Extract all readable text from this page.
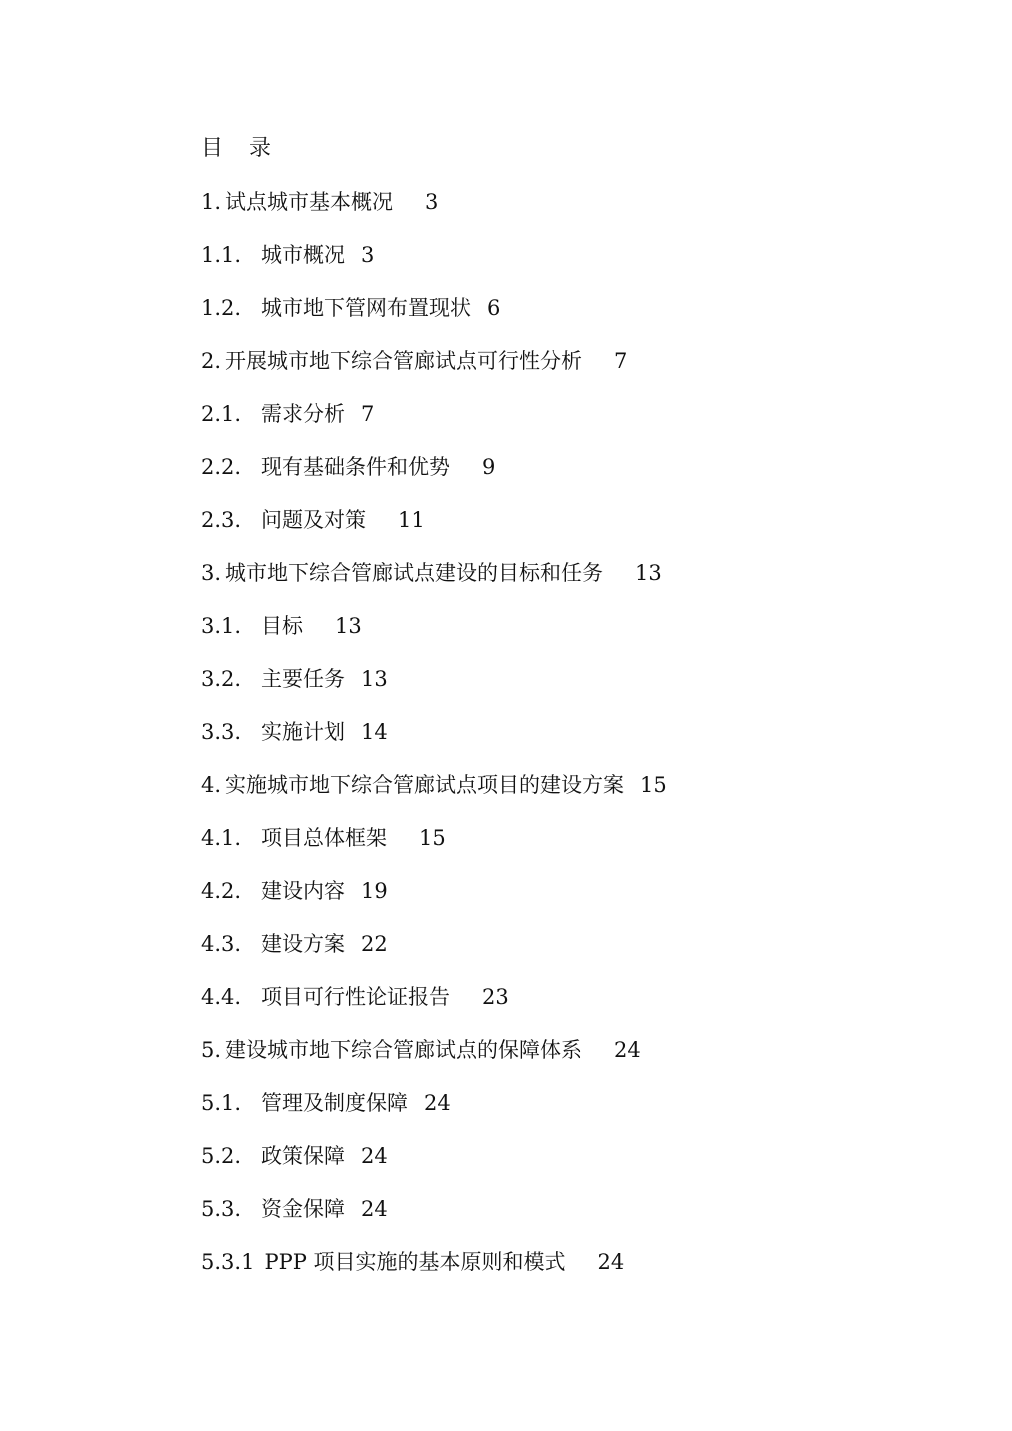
目 录
1. 试点城市基本概况 3
1.1. 城市概况 3
1.2. 城市地下管网布置现状 6
2. 开展城市地下综合管廊试点可行性分析 7
2.1. 需求分析 7
2.2. 现有基础条件和优势 9
2.3. 问题及对策 11
3. 城市地下综合管廊试点建设的目标和任务 13
3.1. 目标 13
3.2. 主要任务 13
3.3. 实施计划 14
4. 实施城市地下综合管廊试点项目的建设方案 15
4.1. 项目总体框架 15
4.2. 建设内容 19
4.3. 建设方案 22
4.4. 项目可行性论证报告 23
5. 建设城市地下综合管廊试点的保障体系 24
5.1. 管理及制度保障 24
5.2. 政策保障 24
5.3. 资金保障 24
5.3.1 PPP 项目实施的基本原则和模式 24
